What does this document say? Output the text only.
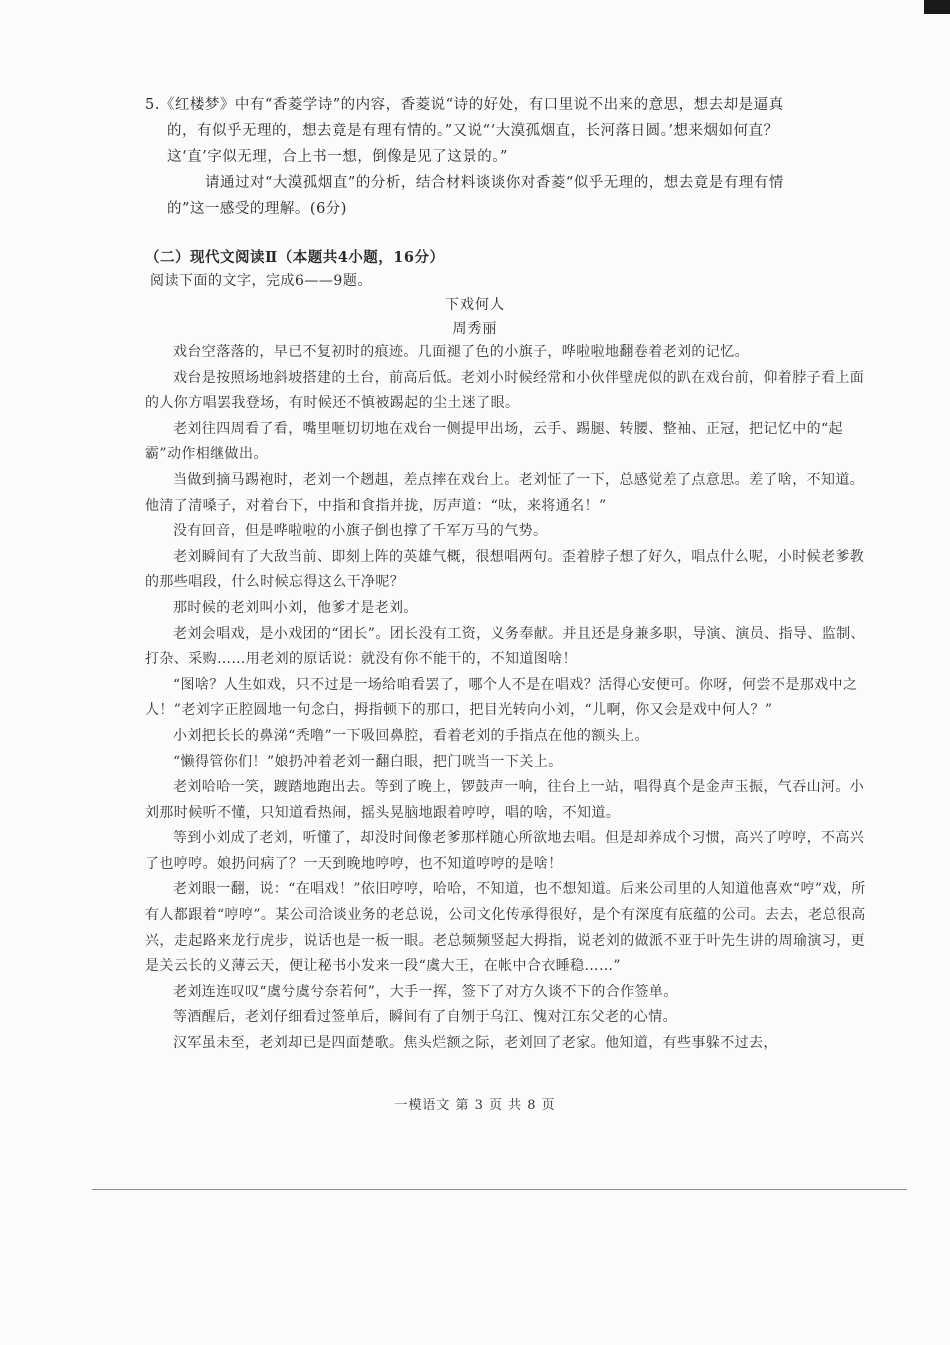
5.《红楼梦》中有“香菱学诗”的内容，香菱说“诗的好处，有口里说不出来的意思，想去却是逼真
的，有似乎无理的，想去竟是有理有情的。”又说“‘大漠孤烟直，长河落日圆。’想来烟如何直？
这‘直’字似无理，合上书一想，倒像是见了这景的。”
请通过对“大漠孤烟直”的分析，结合材料谈谈你对香菱“似乎无理的，想去竟是有理有情
的”这一感受的理解。(6分)
（二）现代文阅读Ⅱ（本题共4小题，16分）
阅读下面的文字，完成6——9题。
下戏何人
周秀丽

戏台空落落的，早已不复初时的痕迹。几面褪了色的小旗子，哗啦啦地翻卷着老刘的记忆。

戏台是按照场地斜坡搭建的土台，前高后低。老刘小时候经常和小伙伴壁虎似的趴在戏台前，仰着脖子看上面的人你方唱罢我登场，有时候还不慎被踢起的尘土迷了眼。

老刘往四周看了看，嘴里咂切切地在戏台一侧提甲出场，云手、踢腿、转腰、整袖、正冠，把记忆中的“起霸”动作相继做出。

当做到摘马踢袍时，老刘一个趔趄，差点摔在戏台上。老刘怔了一下，总感觉差了点意思。差了啥，不知道。他清了清嗓子，对着台下，中指和食指并拢，厉声道：“呔，来将通名！”

没有回音，但是哗啦啦的小旗子倒也撑了千军万马的气势。

老刘瞬间有了大敌当前、即刻上阵的英雄气概，很想唱两句。歪着脖子想了好久，唱点什么呢，小时候老爹教的那些唱段，什么时候忘得这么干净呢？

那时候的老刘叫小刘，他爹才是老刘。

老刘会唱戏，是小戏团的“团长”。团长没有工资，义务奉献。并且还是身兼多职，导演、演员、指导、监制、打杂、采购……用老刘的原话说：就没有你不能干的，不知道图啥！

“图啥？人生如戏，只不过是一场给咱看罢了，哪个人不是在唱戏？活得心安便可。你呀，何尝不是那戏中之人！”老刘字正腔圆地一句念白，拇指顿下的那口，把目光转向小刘，“儿啊，你又会是戏中何人？”

小刘把长长的鼻涕“秃噜”一下吸回鼻腔，看着老刘的手指点在他的额头上。

“懒得管你们！”娘扔冲着老刘一翻白眼，把门咣当一下关上。

老刘哈哈一笑，踱踏地跑出去。等到了晚上，锣鼓声一响，往台上一站，唱得真个是金声玉振，气吞山河。小刘那时候听不懂，只知道看热闹，摇头晃脑地跟着哼哼，唱的啥，不知道。

等到小刘成了老刘，听懂了，却没时间像老爹那样随心所欲地去唱。但是却养成个习惯，高兴了哼哼，不高兴了也哼哼。娘扔问病了？一天到晚地哼哼，也不知道哼哼的是啥！

老刘眼一翻，说：“在唱戏！”依旧哼哼，哈哈，不知道，也不想知道。后来公司里的人知道他喜欢“哼”戏，所有人都跟着“哼哼”。某公司洽谈业务的老总说，公司文化传承得很好，是个有深度有底蕴的公司。去去，老总很高兴，走起路来龙行虎步，说话也是一板一眼。老总频频竖起大拇指，说老刘的做派不亚于叶先生讲的周瑜演习，更是关云长的义薄云天，便让秘书小发来一段“虞大王，在帐中合衣睡稳……”

老刘连连叹叹“虞兮虞兮奈若何”，大手一挥，签下了对方久谈不下的合作签单。

等酒醒后，老刘仔细看过签单后，瞬间有了自刎于乌江、愧对江东父老的心情。

汉军虽未至，老刘却已是四面楚歌。焦头烂额之际，老刘回了老家。他知道，有些事躲不过去，

一模语文 第 3 页 共 8 页
